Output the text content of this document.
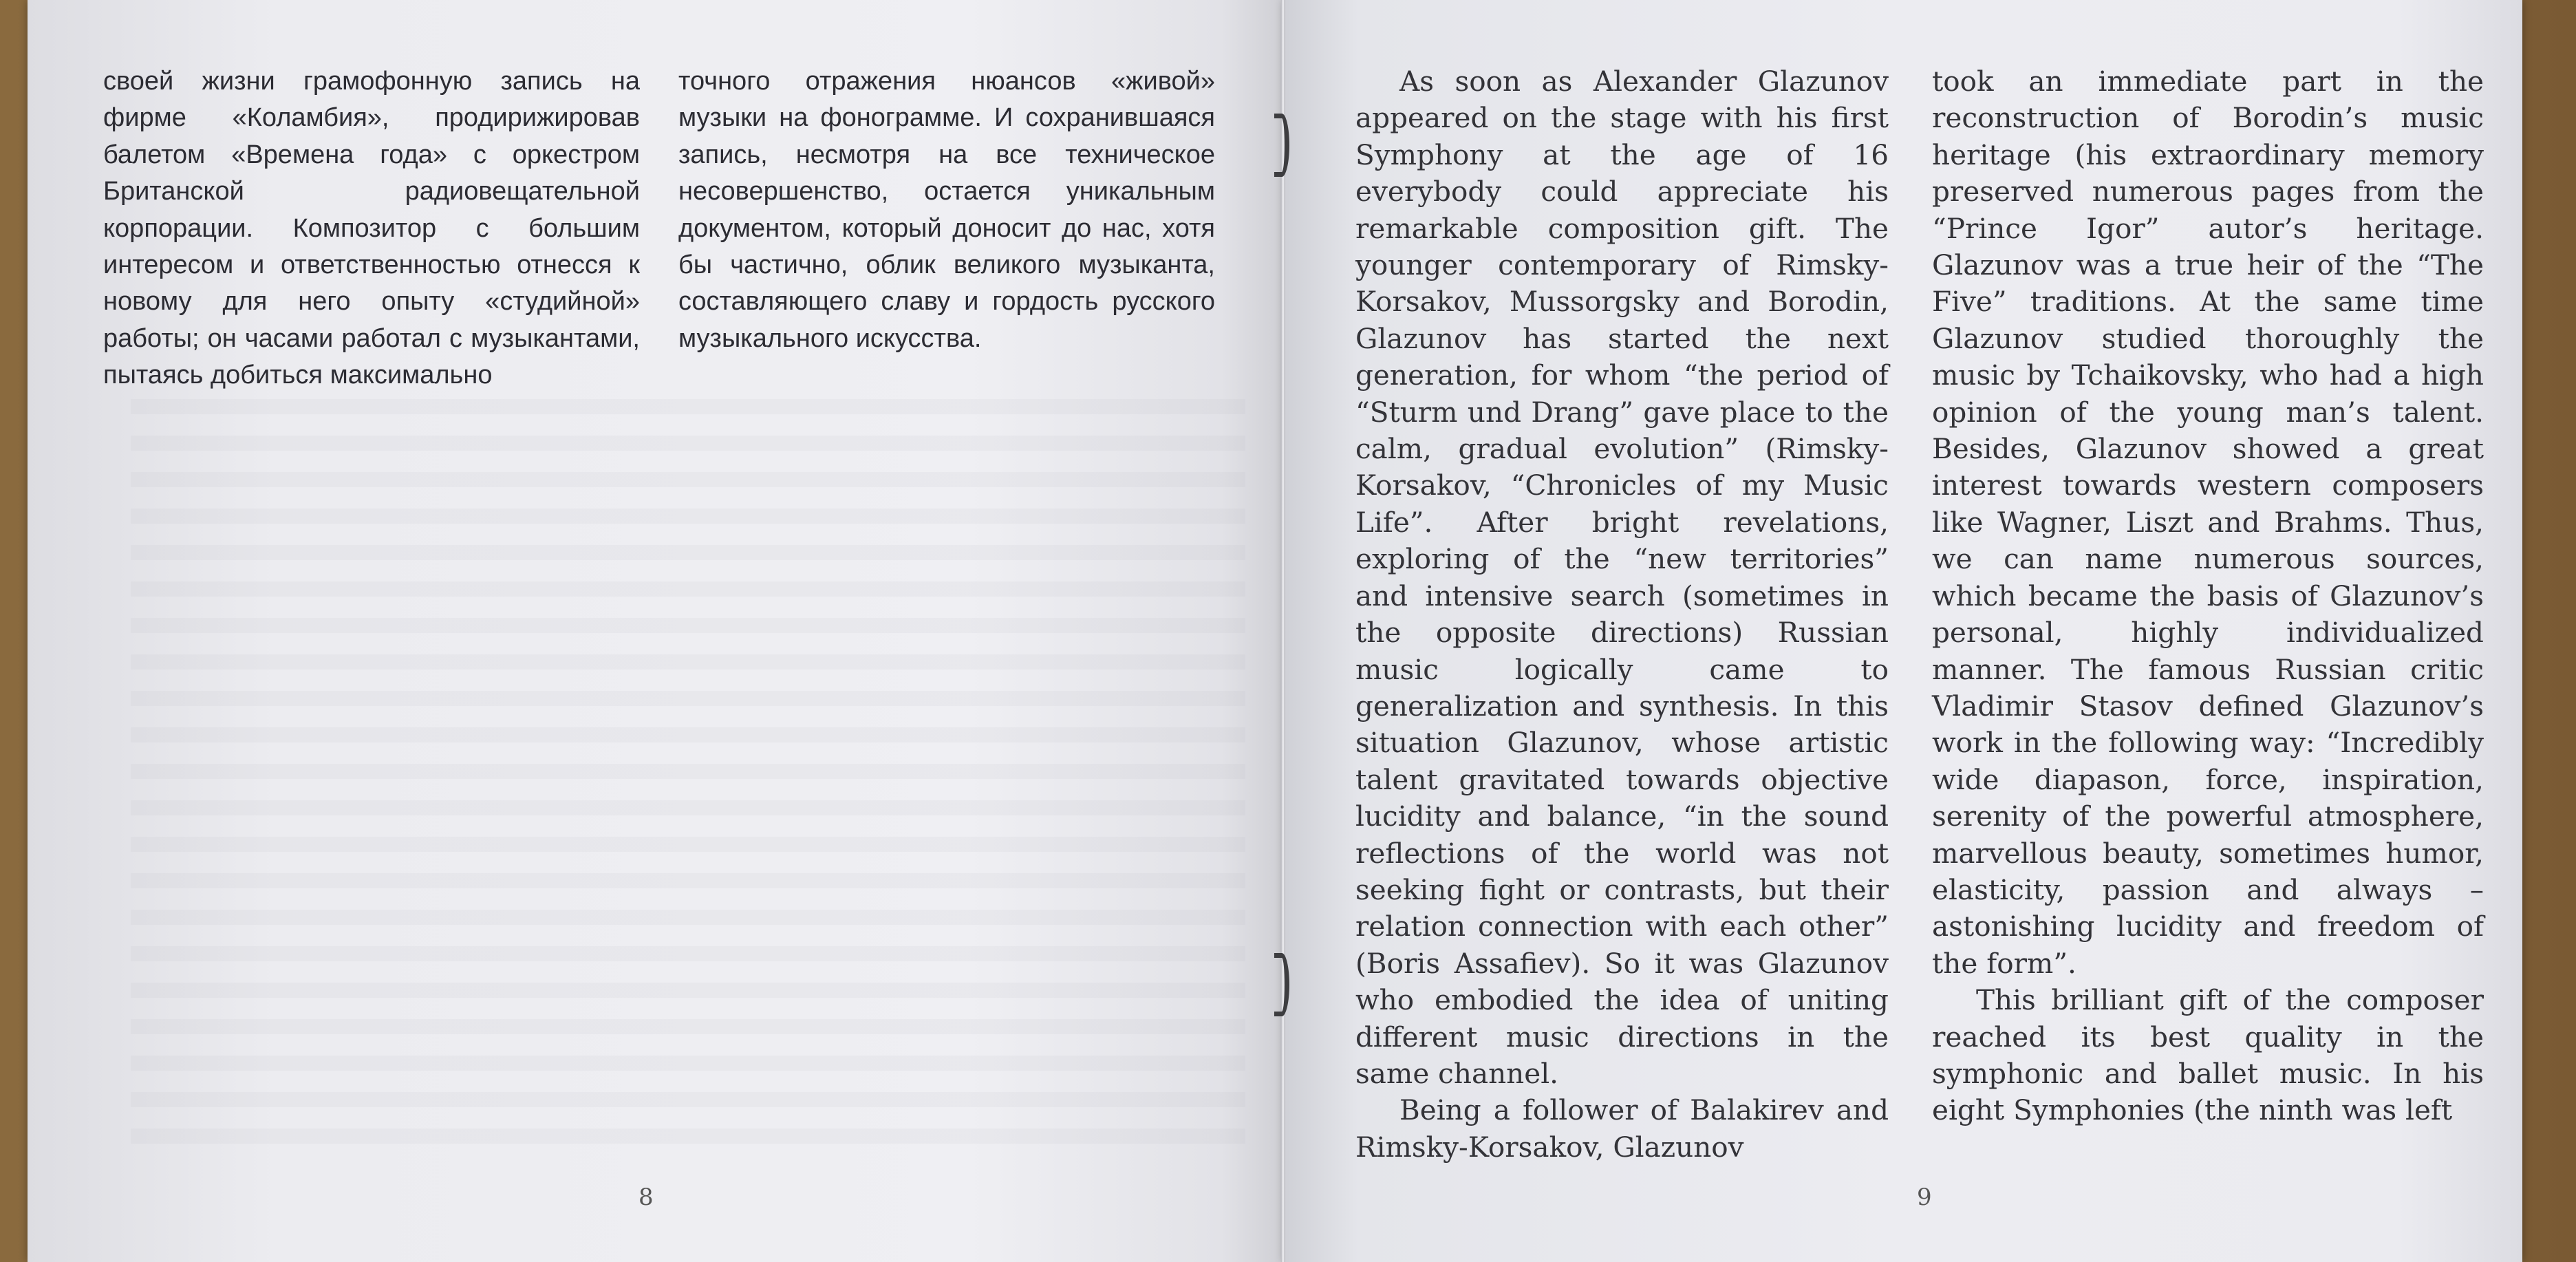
своей жизни грамофонную запись на фирме «Коламбия», продирижировав балетом «Времена года» с оркестром Британской радиовещательной корпорации. Композитор с большим интересом и ответственностью отнесся к новому для него опыту «студийной» работы; он часами работал с музыкантами, пытаясь добиться максимально
точного отражения нюансов «живой» музыки на фонограмме. И сохранившаяся запись, несмотря на все техническое несовершенство, остается уникальным документом, который доносит до нас, хотя бы частично, облик великого музыканта, составляющего славу и гордость русского музыкального искусства.

As soon as Alexander Glazunov appeared on the stage with his first Symphony at the age of 16 everybody could appreciate his remarkable composition gift. The younger contemporary of Rimsky-Korsakov, Mussorgsky and Borodin, Glazunov has started the next generation, for whom “the period of “Sturm und Drang” gave place to the calm, gradual evolution” (Rimsky-Korsakov, “Chronicles of my Music Life”. After bright revelations, exploring of the “new territories” and intensive search (sometimes in the opposite directions) Russian music logically came to generalization and synthesis. In this situation Glazunov, whose artistic talent gravitated towards objective lucidity and balance, “in the sound reflections of the world was not seeking fight or contrasts, but their relation connection with each other” (Boris Assafiev). So it was Glazunov who embodied the idea of uniting different music directions in the same channel.

Being a follower of Balakirev and Rimsky-Korsakov, Glazunov

took an immediate part in the reconstruction of Borodin’s music heritage (his extraordinary memory preserved numerous pages from the “Prince Igor” autor’s heritage. Glazunov was a true heir of the “The Five” traditions. At the same time Glazunov studied thoroughly the music by Tchaikovsky, who had a high opinion of the young man’s talent. Besides, Glazunov showed a great interest towards western composers like Wagner, Liszt and Brahms. Thus, we can name numerous sources, which became the basis of Glazunov’s personal, highly individualized manner. The famous Russian critic Vladimir Stasov defined Glazunov’s work in the following way: “Incredibly wide diapason, force, inspiration, serenity of the powerful atmosphere, marvellous beauty, sometimes humor, elasticity, passion and always – astonishing lucidity and freedom of the form”.

This brilliant gift of the composer reached its best quality in the symphonic and ballet music. In his eight Symphonies (the ninth was left

8	9
